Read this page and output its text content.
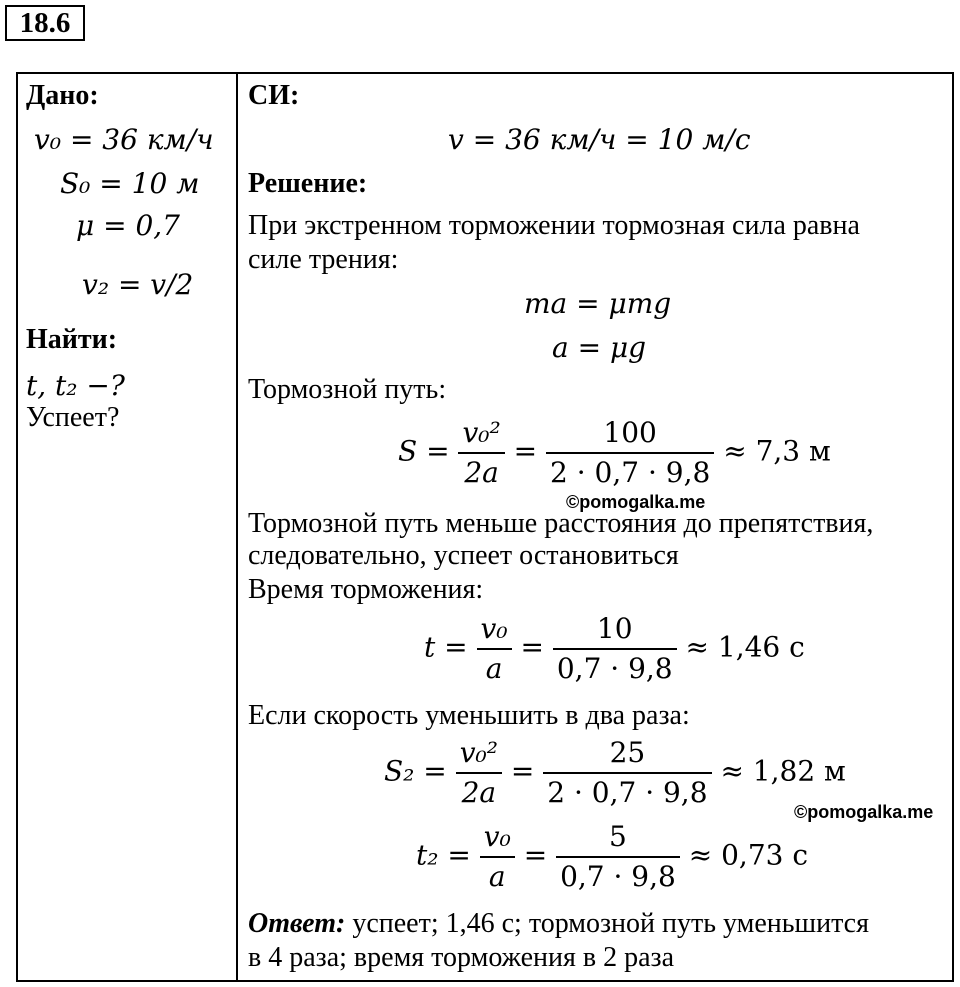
18.6
Дано:
v₀ = 36 км/ч
S₀ = 10 м
μ = 0,7
v₂ = v/2
Найти:
t, t₂ −?
Успеет?
СИ:
v = 36 км/ч = 10 м/с
Решение:
При экстренном торможении тормозная сила равна
силе трения:
ma = μmg
a = μg
Тормозной путь:
$S = \frac{\text{v₀²}}{2a} = \frac{100}{2 \cdot 0,7 \cdot 9,8} \approx 7,3$ м
©pomogalka.me
Тормозной путь меньше расстояния до препятствия,
следовательно, успеет остановиться
Время торможения:
$t = \frac{\text{v₀}}{a} = \frac{10}{0,7 \cdot 9,8} \approx 1,46$ с
Если скорость уменьшить в два раза:
$S_2 = \frac{\text{v₀²}}{2a} = \frac{25}{2 \cdot 0,7 \cdot 9,8} \approx 1,82$ м
©pomogalka.me
$t_2 = \frac{\text{v₀}}{a} = \frac{5}{0,7 \cdot 9,8} \approx 0,73$ с
Ответ: успеет; 1,46 с; тормозной путь уменьшится
в 4 раза; время торможения в 2 раза
